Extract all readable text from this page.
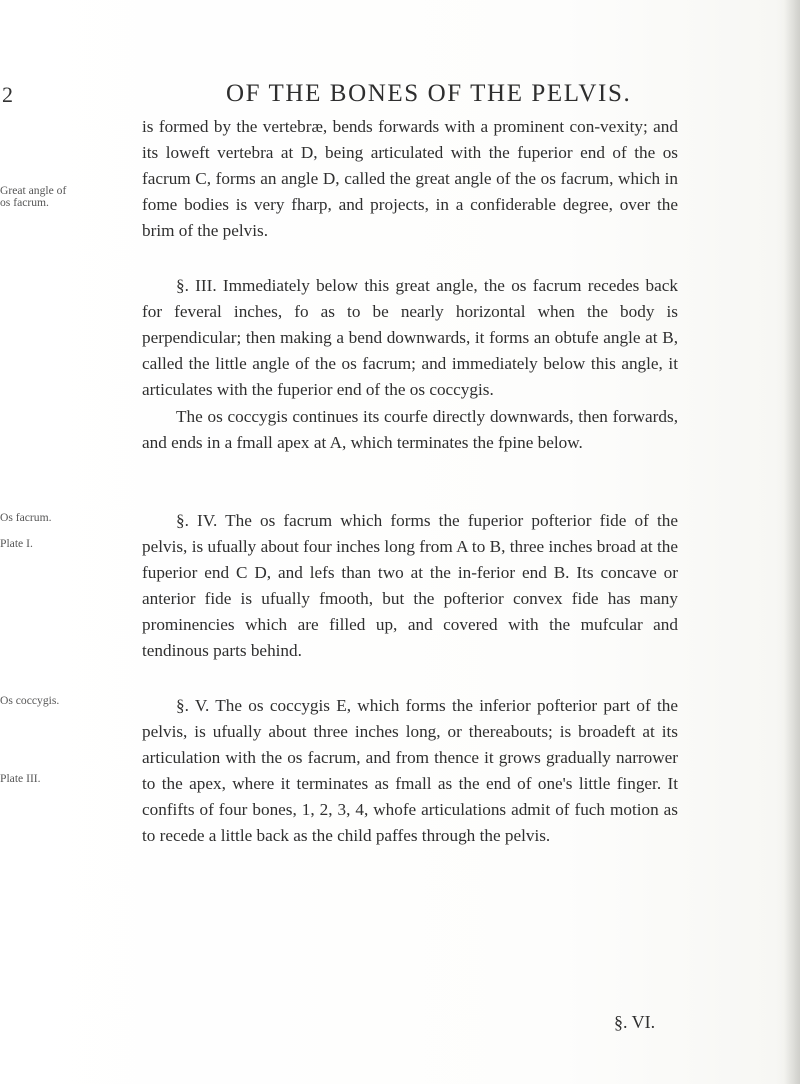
2	OF THE BONES OF THE PELVIS.
Great angle of os facrum.
Os facrum.
Plate I.
Os coccygis.
Plate III.

is formed by the vertebræ, bends forwards with a prominent con-vexity; and its loweft vertebra at D, being articulated with the fuperior end of the os facrum C, forms an angle D, called the great angle of the os facrum, which in fome bodies is very fharp, and projects, in a confiderable degree, over the brim of the pelvis.

§. III. Immediately below this great angle, the os facrum recedes back for feveral inches, fo as to be nearly horizontal when the body is perpendicular; then making a bend downwards, it forms an obtufe angle at B, called the little angle of the os facrum; and immediately below this angle, it articulates with the fuperior end of the os coccygis.

The os coccygis continues its courfe directly downwards, then forwards, and ends in a fmall apex at A, which terminates the fpine below.

§. IV. The os facrum which forms the fuperior pofterior fide of the pelvis, is ufually about four inches long from A to B, three inches broad at the fuperior end C D, and lefs than two at the in-ferior end B. Its concave or anterior fide is ufually fmooth, but the pofterior convex fide has many prominencies which are filled up, and covered with the mufcular and tendinous parts behind.

§. V. The os coccygis E, which forms the inferior pofterior part of the pelvis, is ufually about three inches long, or thereabouts; is broadeft at its articulation with the os facrum, and from thence it grows gradually narrower to the apex, where it terminates as fmall as the end of one's little finger. It confifts of four bones, 1, 2, 3, 4, whofe articulations admit of fuch motion as to recede a little back as the child paffes through the pelvis.

§. VI.
